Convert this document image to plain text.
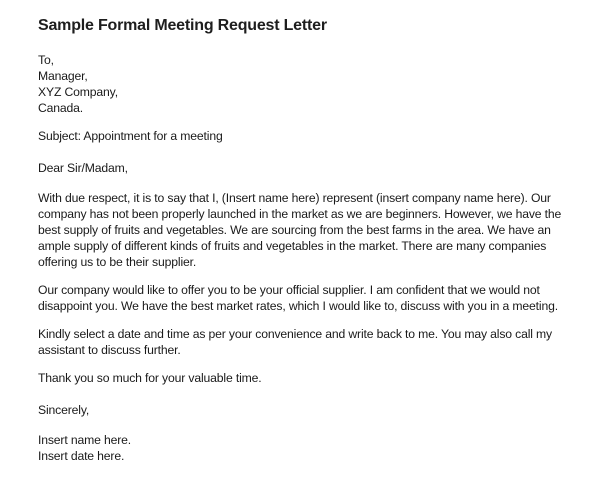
Sample Formal Meeting Request Letter
To,
Manager,
XYZ Company,
Canada.
Subject: Appointment for a meeting
Dear Sir/Madam,
With due respect, it is to say that I, (Insert name here) represent (insert company name here). Our
company has not been properly launched in the market as we are beginners. However, we have the
best supply of fruits and vegetables. We are sourcing from the best farms in the area. We have an
ample supply of different kinds of fruits and vegetables in the market. There are many companies
offering us to be their supplier.
Our company would like to offer you to be your official supplier. I am confident that we would not
disappoint you. We have the best market rates, which I would like to, discuss with you in a meeting.
Kindly select a date and time as per your convenience and write back to me. You may also call my
assistant to discuss further.
Thank you so much for your valuable time.
Sincerely,
Insert name here.
Insert date here.
